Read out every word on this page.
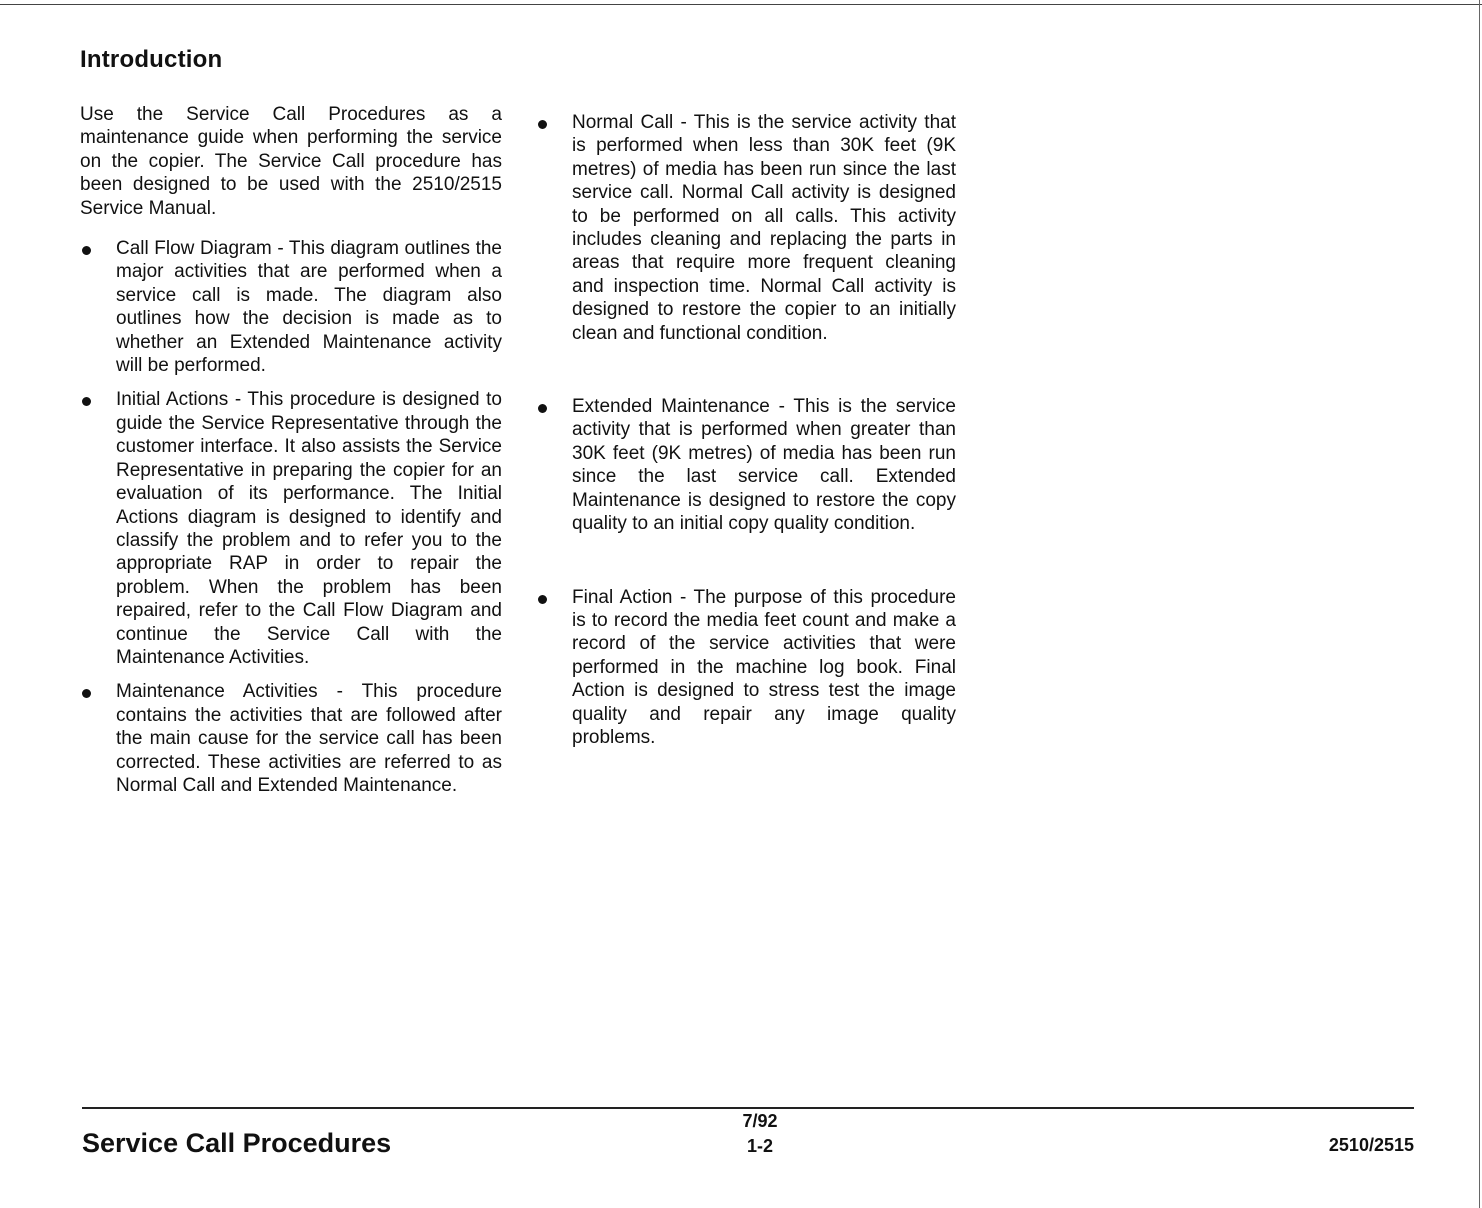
Introduction

Use the Service Call Procedures as a maintenance guide when performing the service on the copier. The Service Call procedure has been designed to be used with the 2510/2515 Service Manual.

Call Flow Diagram - This diagram outlines the major activities that are performed when a service call is made. The diagram also outlines how the decision is made as to whether an Extended Maintenance activity will be performed.
Initial Actions - This procedure is designed to guide the Service Representative through the customer interface. It also assists the Service Representative in preparing the copier for an evaluation of its performance. The Initial Actions diagram is designed to identify and classify the problem and to refer you to the appropriate RAP in order to repair the problem. When the problem has been repaired, refer to the Call Flow Diagram and continue the Service Call with the Maintenance Activities.
Maintenance Activities - This procedure contains the activities that are followed after the main cause for the service call has been corrected. These activities are referred to as Normal Call and Extended Maintenance.
Normal Call - This is the service activity that is performed when less than 30K feet (9K metres) of media has been run since the last service call. Normal Call activity is designed to be performed on all calls. This activity includes cleaning and replacing the parts in areas that require more frequent cleaning and inspection time. Normal Call activity is designed to restore the copier to an initially clean and functional condition.
Extended Maintenance - This is the service activity that is performed when greater than 30K feet (9K metres) of media has been run since the last service call. Extended Maintenance is designed to restore the copy quality to an initial copy quality condition.
Final Action - The purpose of this procedure is to record the media feet count and make a record of the service activities that were performed in the machine log book. Final Action is designed to stress test the image quality and repair any image quality problems.
Service Call Procedures
7/92
1-2	2510/2515
